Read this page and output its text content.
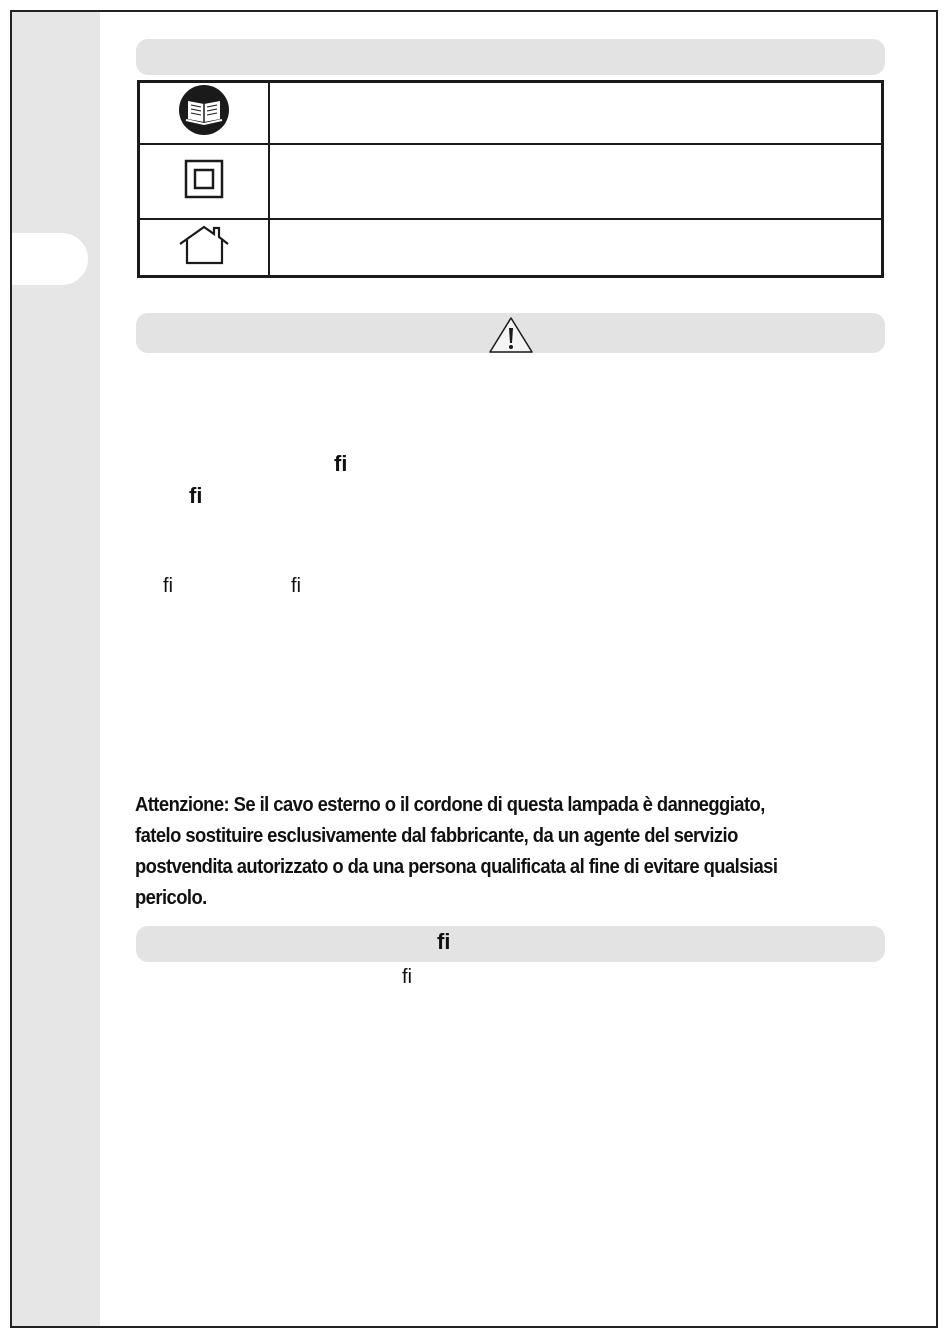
ﬁ
ﬁ
ﬁ	ﬁ

Attenzione: Se il cavo esterno o il cordone di questa lampada è danneggiato, fatelo sostituire esclusivamente dal fabbricante, da un agente del servizio postvendita autorizzato o da una persona qualificata al fine di evitare qualsiasi pericolo.

ﬁ
ﬁ
